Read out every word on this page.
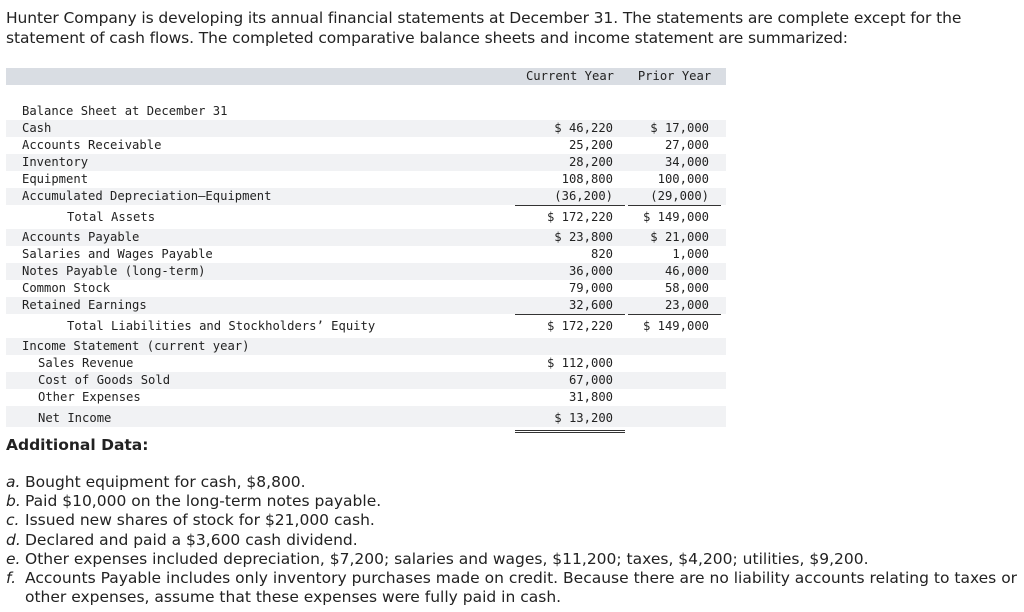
Hunter Company is developing its annual financial statements at December 31. The statements are complete except for the statement of cash flows. The completed comparative balance sheets and income statement are summarized:
Current Year	Prior Year
Balance Sheet at December 31
Cash	$ 46,220	$ 17,000
Accounts Receivable	25,200	27,000
Inventory	28,200	34,000
Equipment	108,800	100,000
Accumulated Depreciation—Equipment	(36,200)	(29,000)
Total Assets	$ 172,220	$ 149,000
Accounts Payable	$ 23,800	$ 21,000
Salaries and Wages Payable	820	1,000
Notes Payable (long-term)	36,000	46,000
Common Stock	79,000	58,000
Retained Earnings	32,600	23,000
Total Liabilities and Stockholders’ Equity	$ 172,220	$ 149,000
Income Statement (current year)
Sales Revenue	$ 112,000
Cost of Goods Sold	67,000
Other Expenses	31,800
Net Income	$ 13,200
Additional Data:
a. Bought equipment for cash, $8,800.
b. Paid $10,000 on the long-term notes payable.
c. Issued new shares of stock for $21,000 cash.
d. Declared and paid a $3,600 cash dividend.
e. Other expenses included depreciation, $7,200; salaries and wages, $11,200; taxes, $4,200; utilities, $9,200.
f. Accounts Payable includes only inventory purchases made on credit. Because there are no liability accounts relating to taxes or other expenses, assume that these expenses were fully paid in cash.
